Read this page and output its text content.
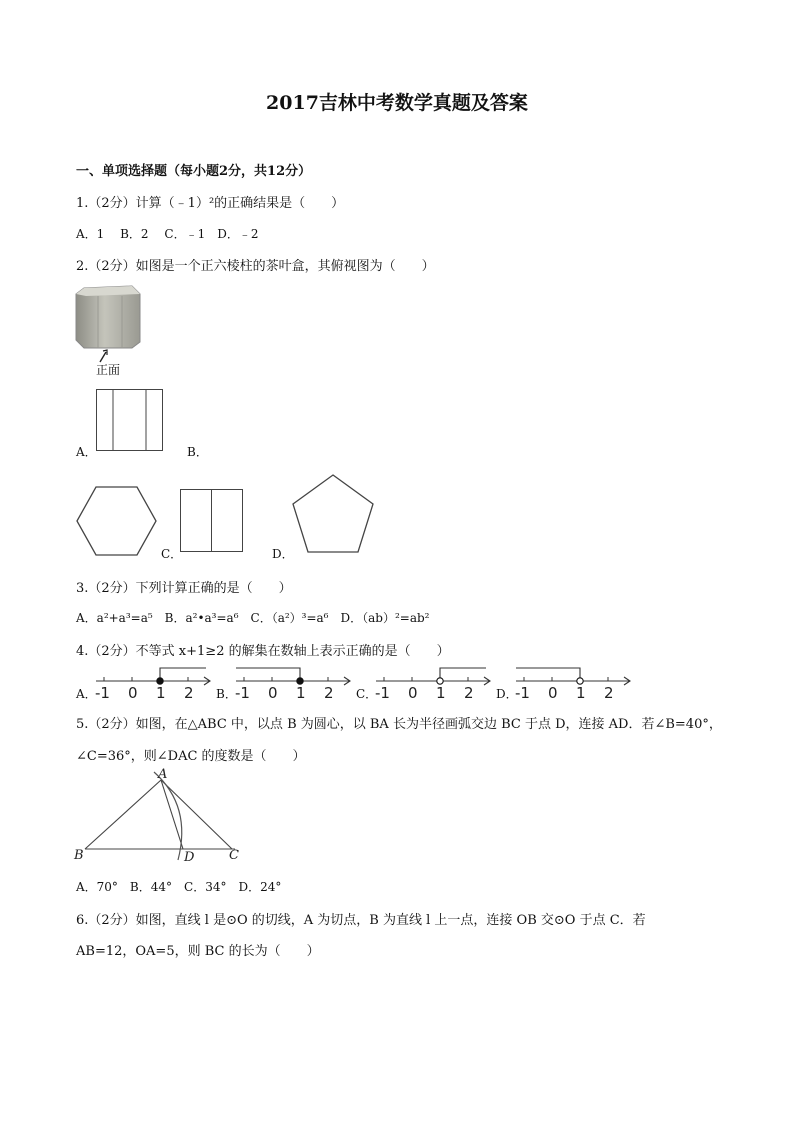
2017吉林中考数学真题及答案
一、单项选择题（每小题2分，共12分）
1.（2分）计算（﹣1）²的正确结果是（　　）
A．1　 B．2　 C．﹣1　D．﹣2
2.（2分）如图是一个正六棱柱的茶叶盒，其俯视图为（　　）
正面
A．	B．
C．	D．
3.（2分）下列计算正确的是（　　）
A．a²+a³=a⁵　B．a²•a³=a⁶　C．（a²）³=a⁶　D．（ab）²=ab²
4.（2分）不等式 x+1≥2 的解集在数轴上表示正确的是（　　）
A．	B．	C．	D．
-1 0 1 2	-1 0 1 2	-1 0 1 2	-1 0 1 2
5.（2分）如图，在△ABC 中，以点 B 为圆心，以 BA 长为半径画弧交边 BC 于点 D，连接 AD．若∠B=40°，
∠C=36°，则∠DAC 的度数是（　　）
A
B	D	C
A．70°　B．44°　C．34°　D．24°
6.（2分）如图，直线 l 是⊙O 的切线，A 为切点，B 为直线 l 上一点，连接 OB 交⊙O 于点 C．若
AB=12，OA=5，则 BC 的长为（　　）
